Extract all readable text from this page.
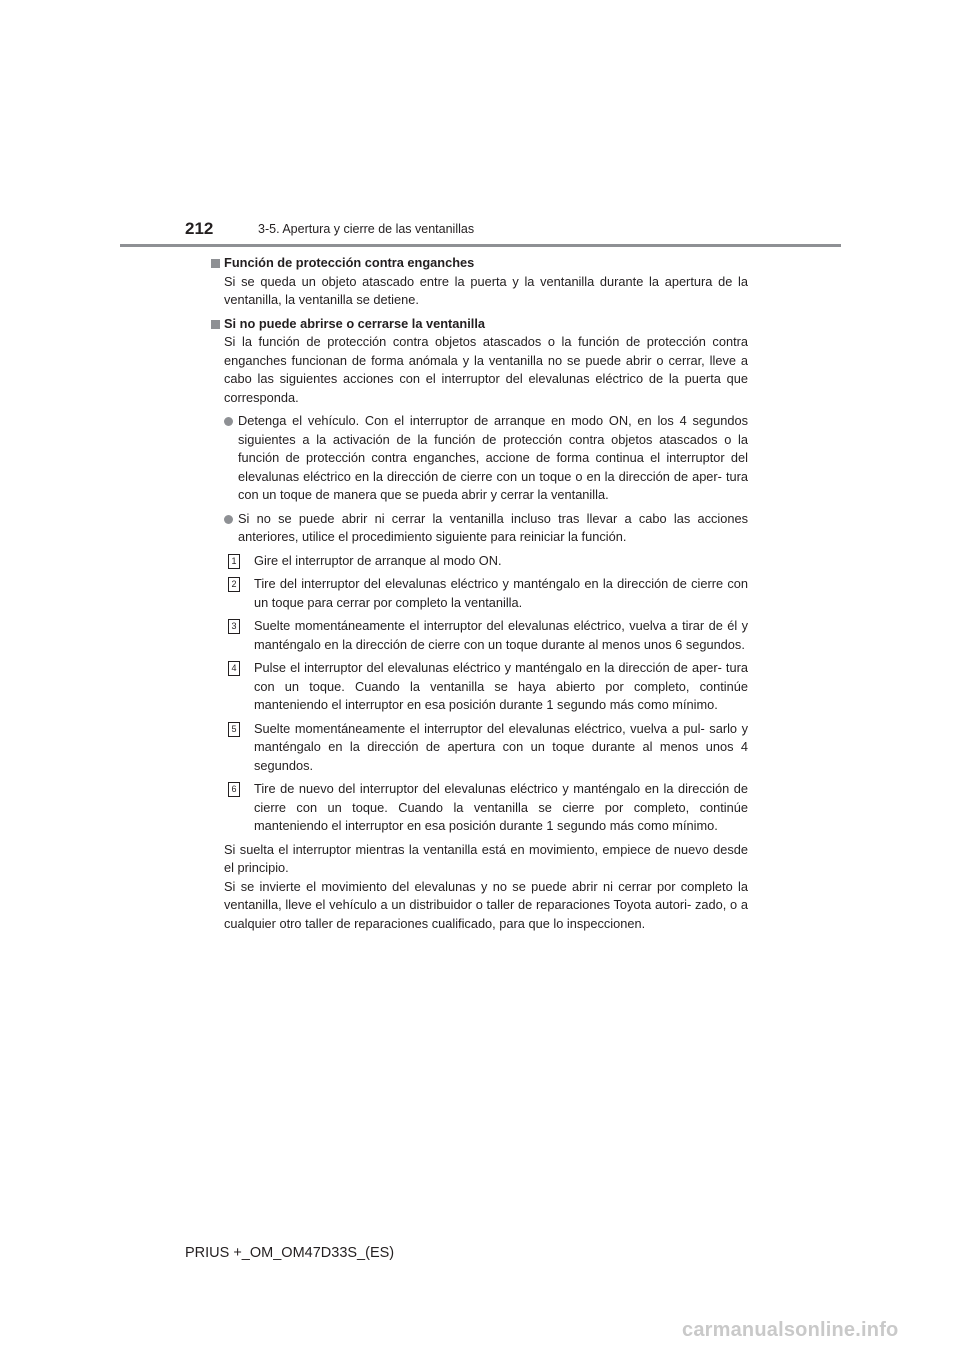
212	3-5. Apertura y cierre de las ventanillas
Función de protección contra enganches
Si se queda un objeto atascado entre la puerta y la ventanilla durante la apertura de la ventanilla, la ventanilla se detiene.
Si no puede abrirse o cerrarse la ventanilla
Si la función de protección contra objetos atascados o la función de protección contra enganches funcionan de forma anómala y la ventanilla no se puede abrir o cerrar, lleve a cabo las siguientes acciones con el interruptor del elevalunas eléctrico de la puerta que corresponda.
Detenga el vehículo. Con el interruptor de arranque en modo ON, en los 4 segundos siguientes a la activación de la función de protección contra objetos atascados o la función de protección contra enganches, accione de forma continua el interruptor del elevalunas eléctrico en la dirección de cierre con un toque o en la dirección de aper- tura con un toque de manera que se pueda abrir y cerrar la ventanilla.
Si no se puede abrir ni cerrar la ventanilla incluso tras llevar a cabo las acciones anteriores, utilice el procedimiento siguiente para reiniciar la función.
1 Gire el interruptor de arranque al modo ON.
2 Tire del interruptor del elevalunas eléctrico y manténgalo en la dirección de cierre con un toque para cerrar por completo la ventanilla.
3 Suelte momentáneamente el interruptor del elevalunas eléctrico, vuelva a tirar de él y manténgalo en la dirección de cierre con un toque durante al menos unos 6 segundos.
4 Pulse el interruptor del elevalunas eléctrico y manténgalo en la dirección de aper- tura con un toque. Cuando la ventanilla se haya abierto por completo, continúe manteniendo el interruptor en esa posición durante 1 segundo más como mínimo.
5 Suelte momentáneamente el interruptor del elevalunas eléctrico, vuelva a pul- sarlo y manténgalo en la dirección de apertura con un toque durante al menos unos 4 segundos.
6 Tire de nuevo del interruptor del elevalunas eléctrico y manténgalo en la dirección de cierre con un toque. Cuando la ventanilla se cierre por completo, continúe manteniendo el interruptor en esa posición durante 1 segundo más como mínimo.
Si suelta el interruptor mientras la ventanilla está en movimiento, empiece de nuevo desde el principio.
Si se invierte el movimiento del elevalunas y no se puede abrir ni cerrar por completo la ventanilla, lleve el vehículo a un distribuidor o taller de reparaciones Toyota autori- zado, o a cualquier otro taller de reparaciones cualificado, para que lo inspeccionen.
PRIUS +_OM_OM47D33S_(ES)
carmanualsonline.info
